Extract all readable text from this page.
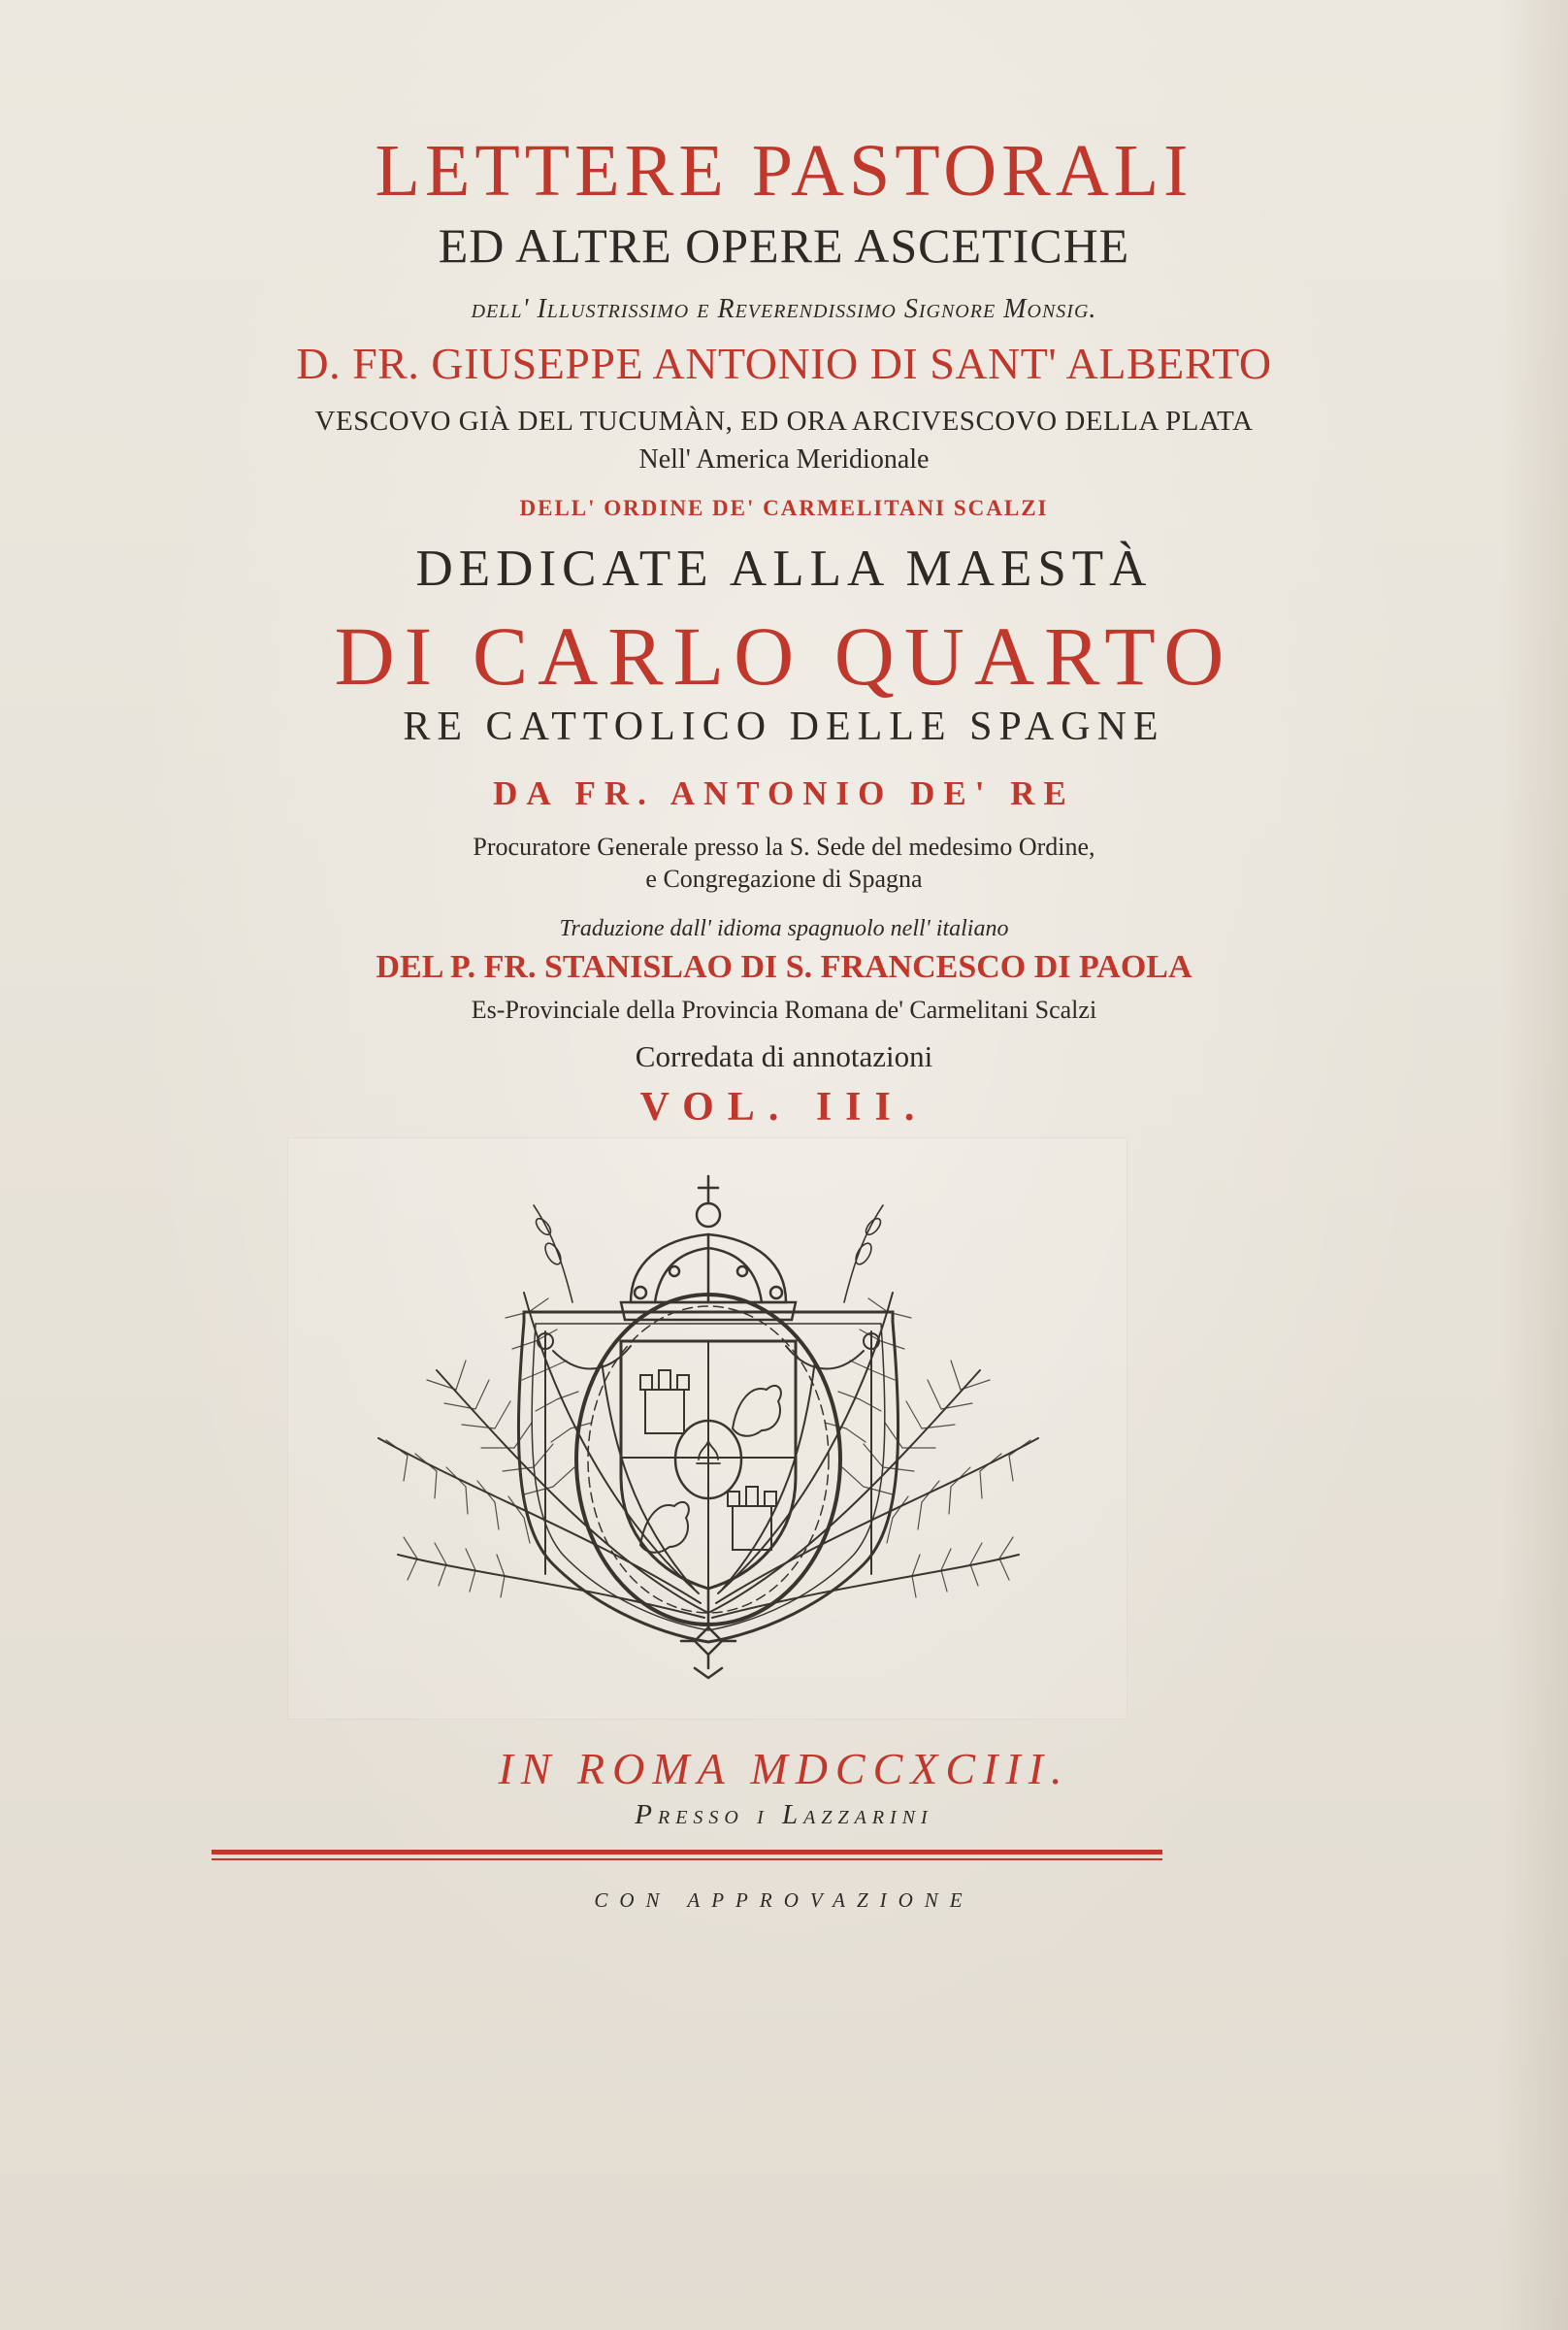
LETTERE PASTORALI
ED ALTRE OPERE ASCETICHE
dell' Illustrissimo e Reverendissimo Signore Monsig.
D. FR. GIUSEPPE ANTONIO DI SANT' ALBERTO
VESCOVO GIÀ DEL TUCUMÀN, ED ORA ARCIVESCOVO DELLA PLATA
Nell' America Meridionale
DELL' ORDINE DE' CARMELITANI SCALZI
DEDICATE ALLA MAESTÀ
DI CARLO QUARTO
RE CATTOLICO DELLE SPAGNE
DA FR. ANTONIO DE' RE
Procuratore Generale presso la S. Sede del medesimo Ordine,
e Congregazione di Spagna
Traduzione dall' idioma spagnuolo nell' italiano
DEL P. FR. STANISLAO DI S. FRANCESCO DI PAOLA
Es-Provinciale della Provincia Romana de' Carmelitani Scalzi
Corredata di annotazioni
VOL. III.
IN ROMA MDCCXCIII.
Presso i Lazzarini
CON APPROVAZIONE
